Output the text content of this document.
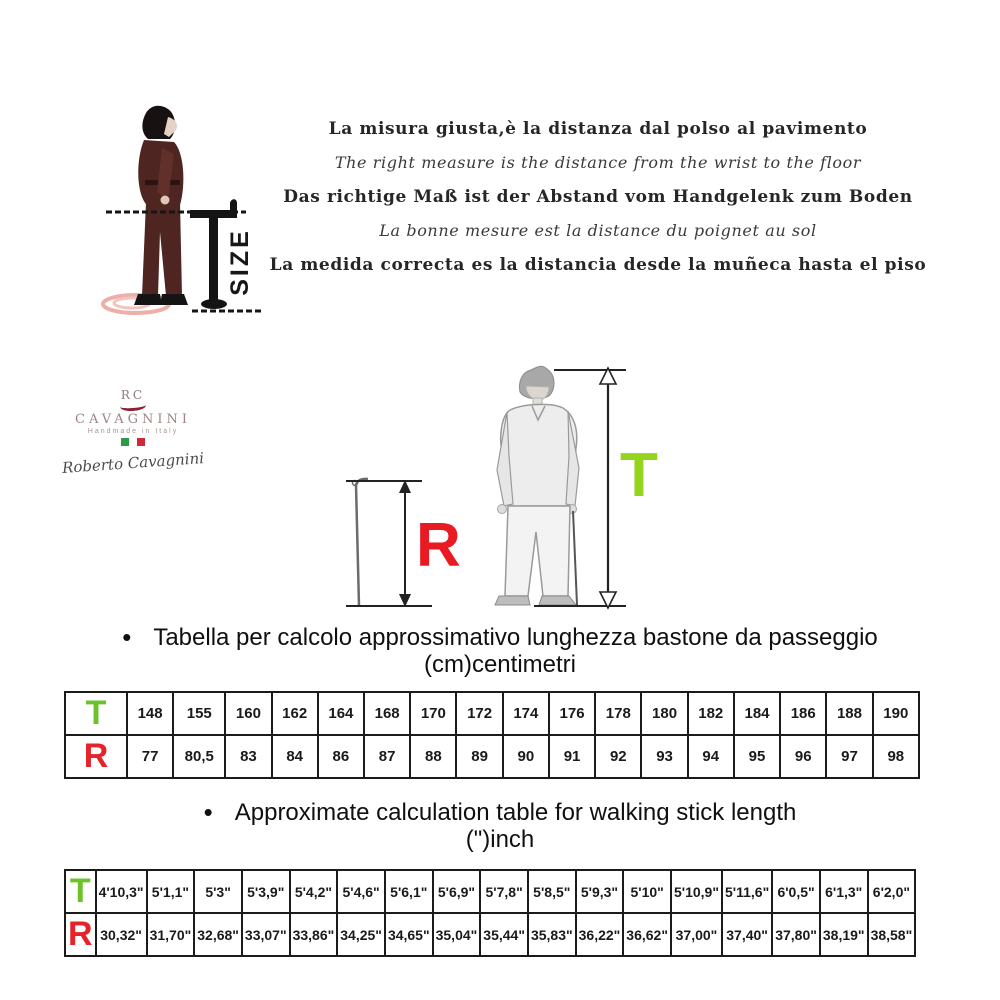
SIZE
La misura giusta,è la distanza dal polso al pavimento
The right measure is the distance from the wrist to the floor
Das richtige Maß ist der Abstand vom Handgelenk zum Boden
La bonne mesure est la distance du poignet au sol
La medida correcta es la distancia desde la muñeca hasta el piso
RC
CAVAGNINI
Handmade in Italy
Roberto Cavagnini
R
T
• Tabella per calcolo approssimativo lunghezza bastone da passeggio
(cm)centimetri
T	148	155	160	162	164	168	170	172	174	176	178	180	182	184	186	188	190
R	77	80,5	83	84	86	87	88	89	90	91	92	93	94	95	96	97	98
• Approximate calculation table for walking stick length
(")inch
T	4'10,3"	5'1,1"	5'3"	5'3,9"	5'4,2"	5'4,6"	5'6,1"	5'6,9"	5'7,8"	5'8,5"	5'9,3"	5'10"	5'10,9"	5'11,6"	6'0,5"	6'1,3"	6'2,0"
R	30,32"	31,70"	32,68"	33,07"	33,86"	34,25"	34,65"	35,04"	35,44"	35,83"	36,22"	36,62"	37,00"	37,40"	37,80"	38,19"	38,58"
